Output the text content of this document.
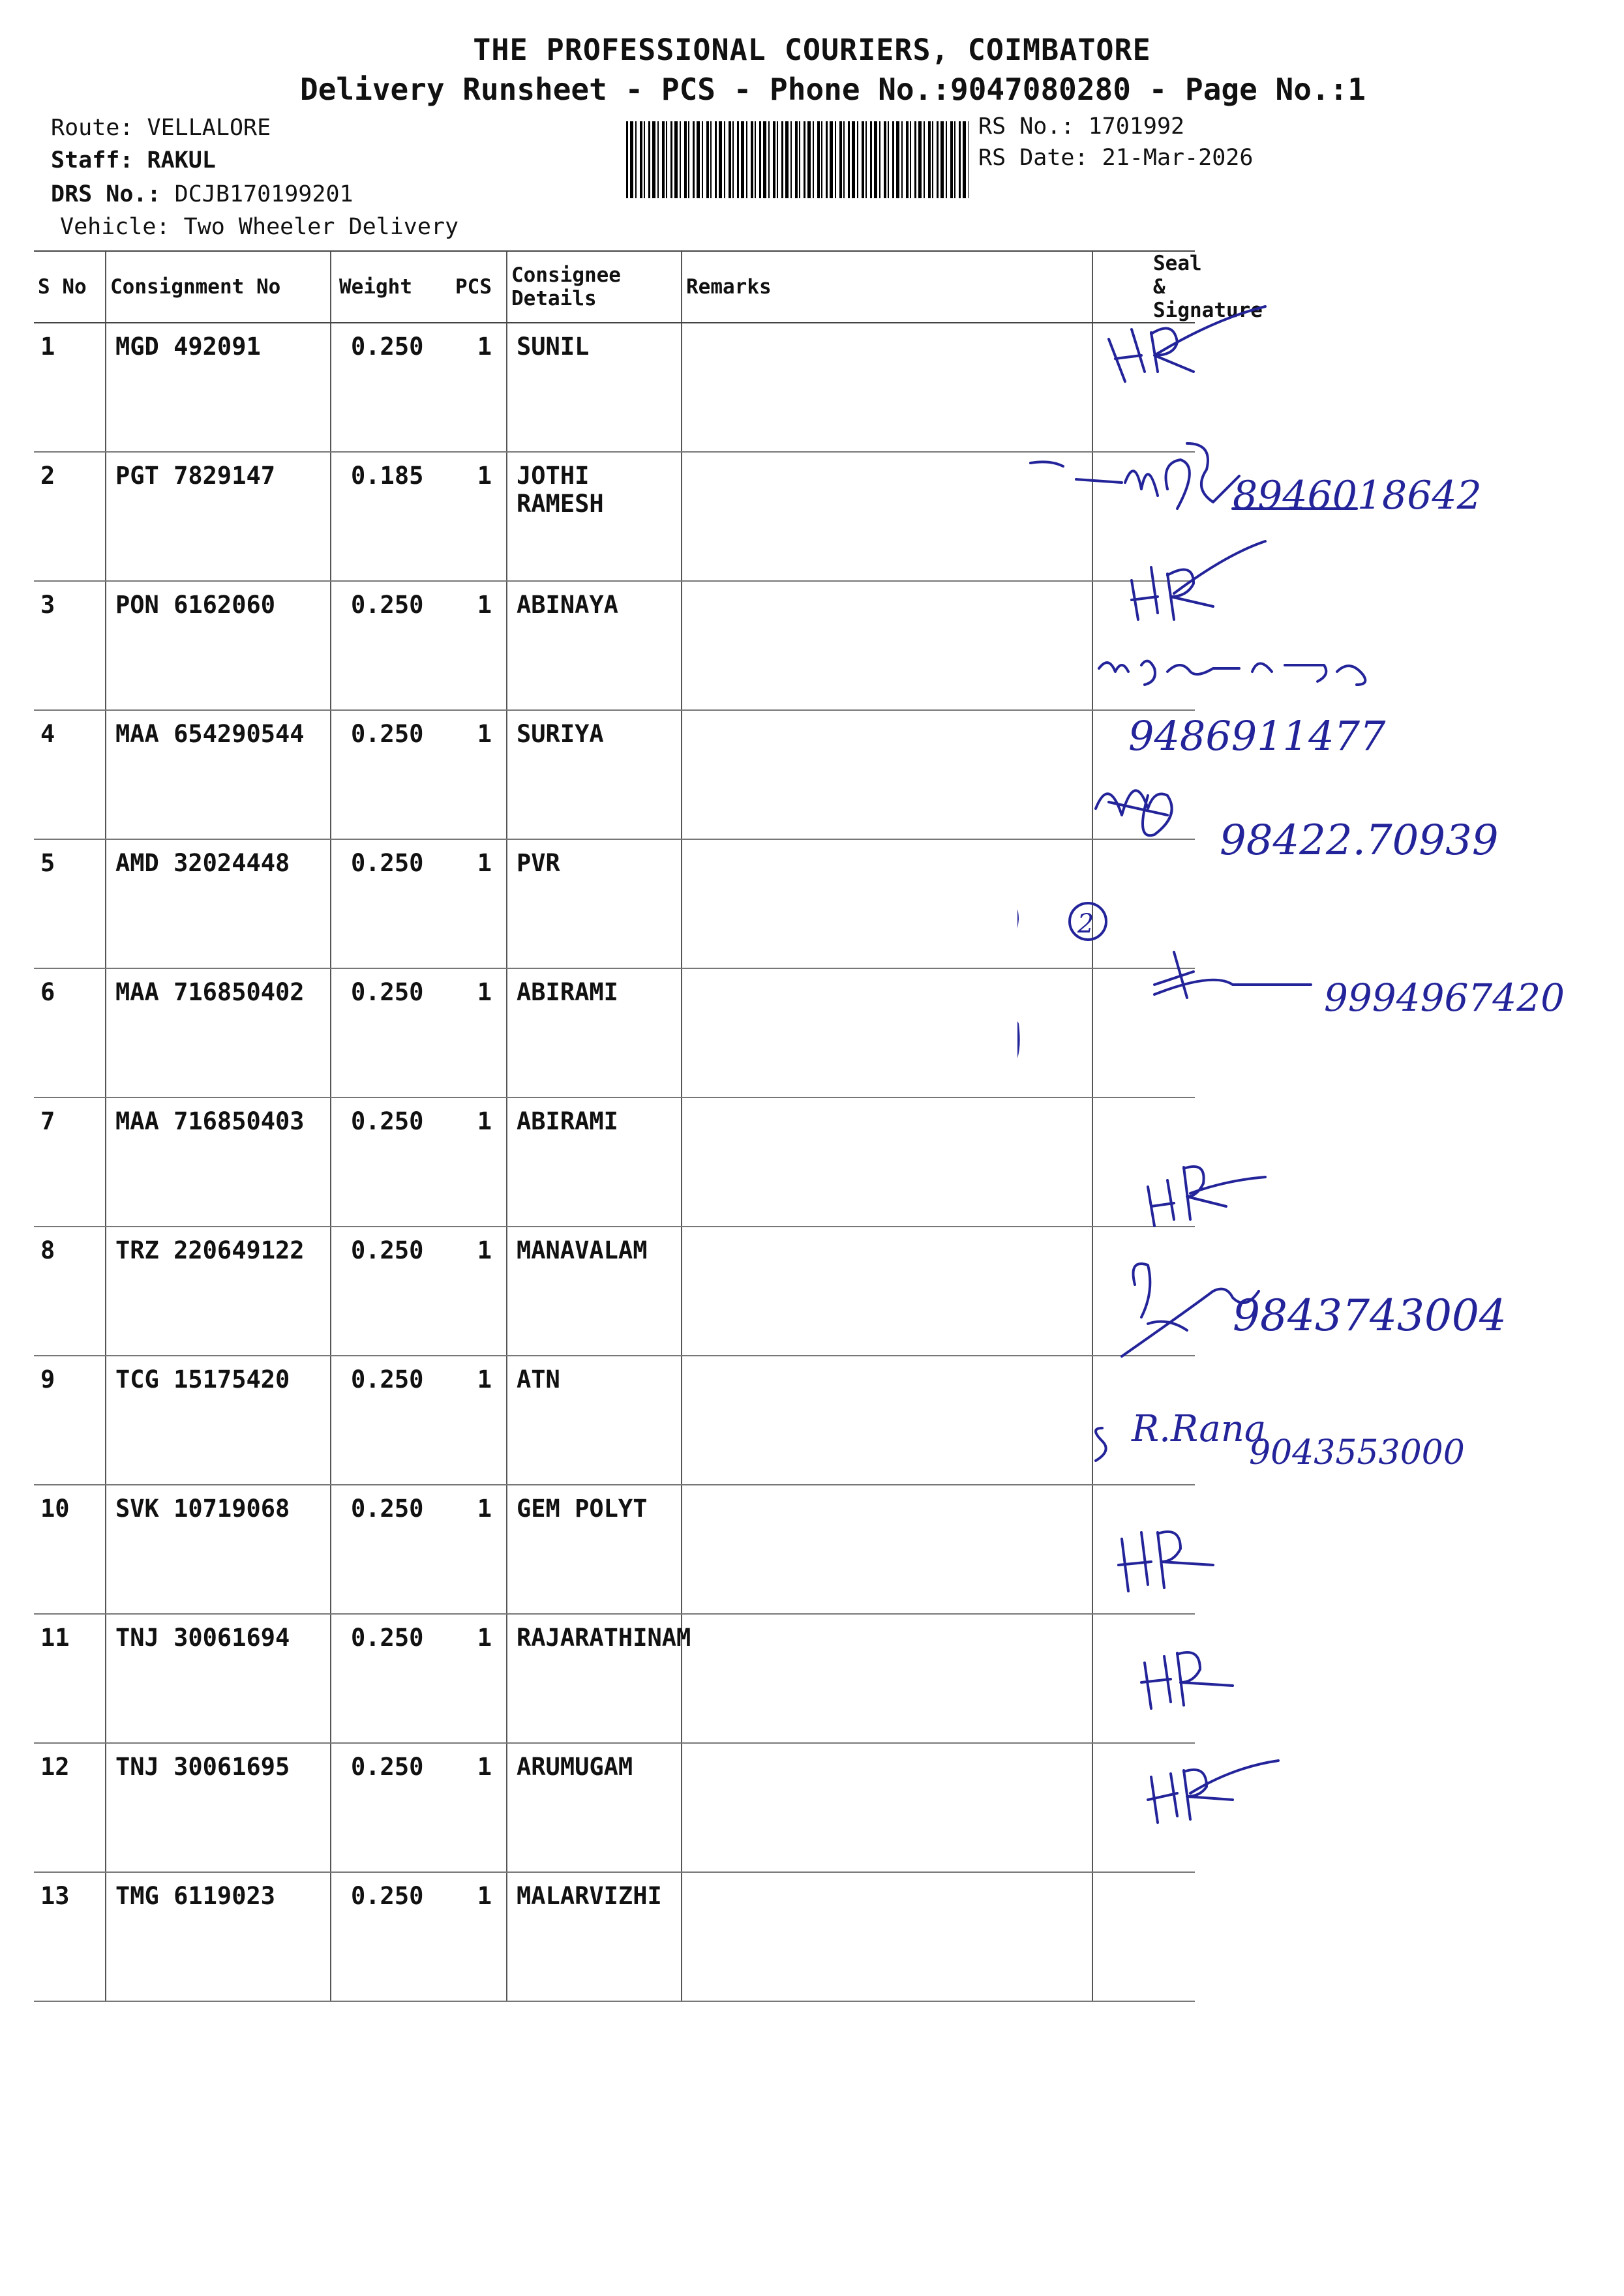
THE PROFESSIONAL COURIERS, COIMBATORE
Delivery Runsheet - PCS - Phone No.:9047080280 - Page No.:1
Route: VELLALORE
Staff: RAKUL
DRS No.: DCJB170199201
Vehicle: Two Wheeler Delivery
RS No.: 1701992
RS Date: 21-Mar-2026
S No	Consignment No	Weight PCS	Consignee Details	Remarks	Seal & Signature
1	MGD 492091	0.250 1	SUNIL		
2	PGT 7829147	0.185 1	JOTHI RAMESH		
3	PON 6162060	0.250 1	ABINAYA		
4	MAA 654290544	0.250 1	SURIYA		
5	AMD 32024448	0.250 1	PVR		
6	MAA 716850402	0.250 1	ABIRAMI		
7	MAA 716850403	0.250 1	ABIRAMI		
8	TRZ 220649122	0.250 1	MANAVALAM		
9	TCG 15175420	0.250 1	ATN		
10	SVK 10719068	0.250 1	GEM POLYT		
11	TNJ 30061694	0.250 1	RAJARATHINAM		
12	TNJ 30061695	0.250 1	ARUMUGAM		
13	TMG 6119023	0.250 1	MALARVIZHI		
8946018642
9486911477
98422.70939
2
9994967420
9843743004
R.Rana
9043553000
